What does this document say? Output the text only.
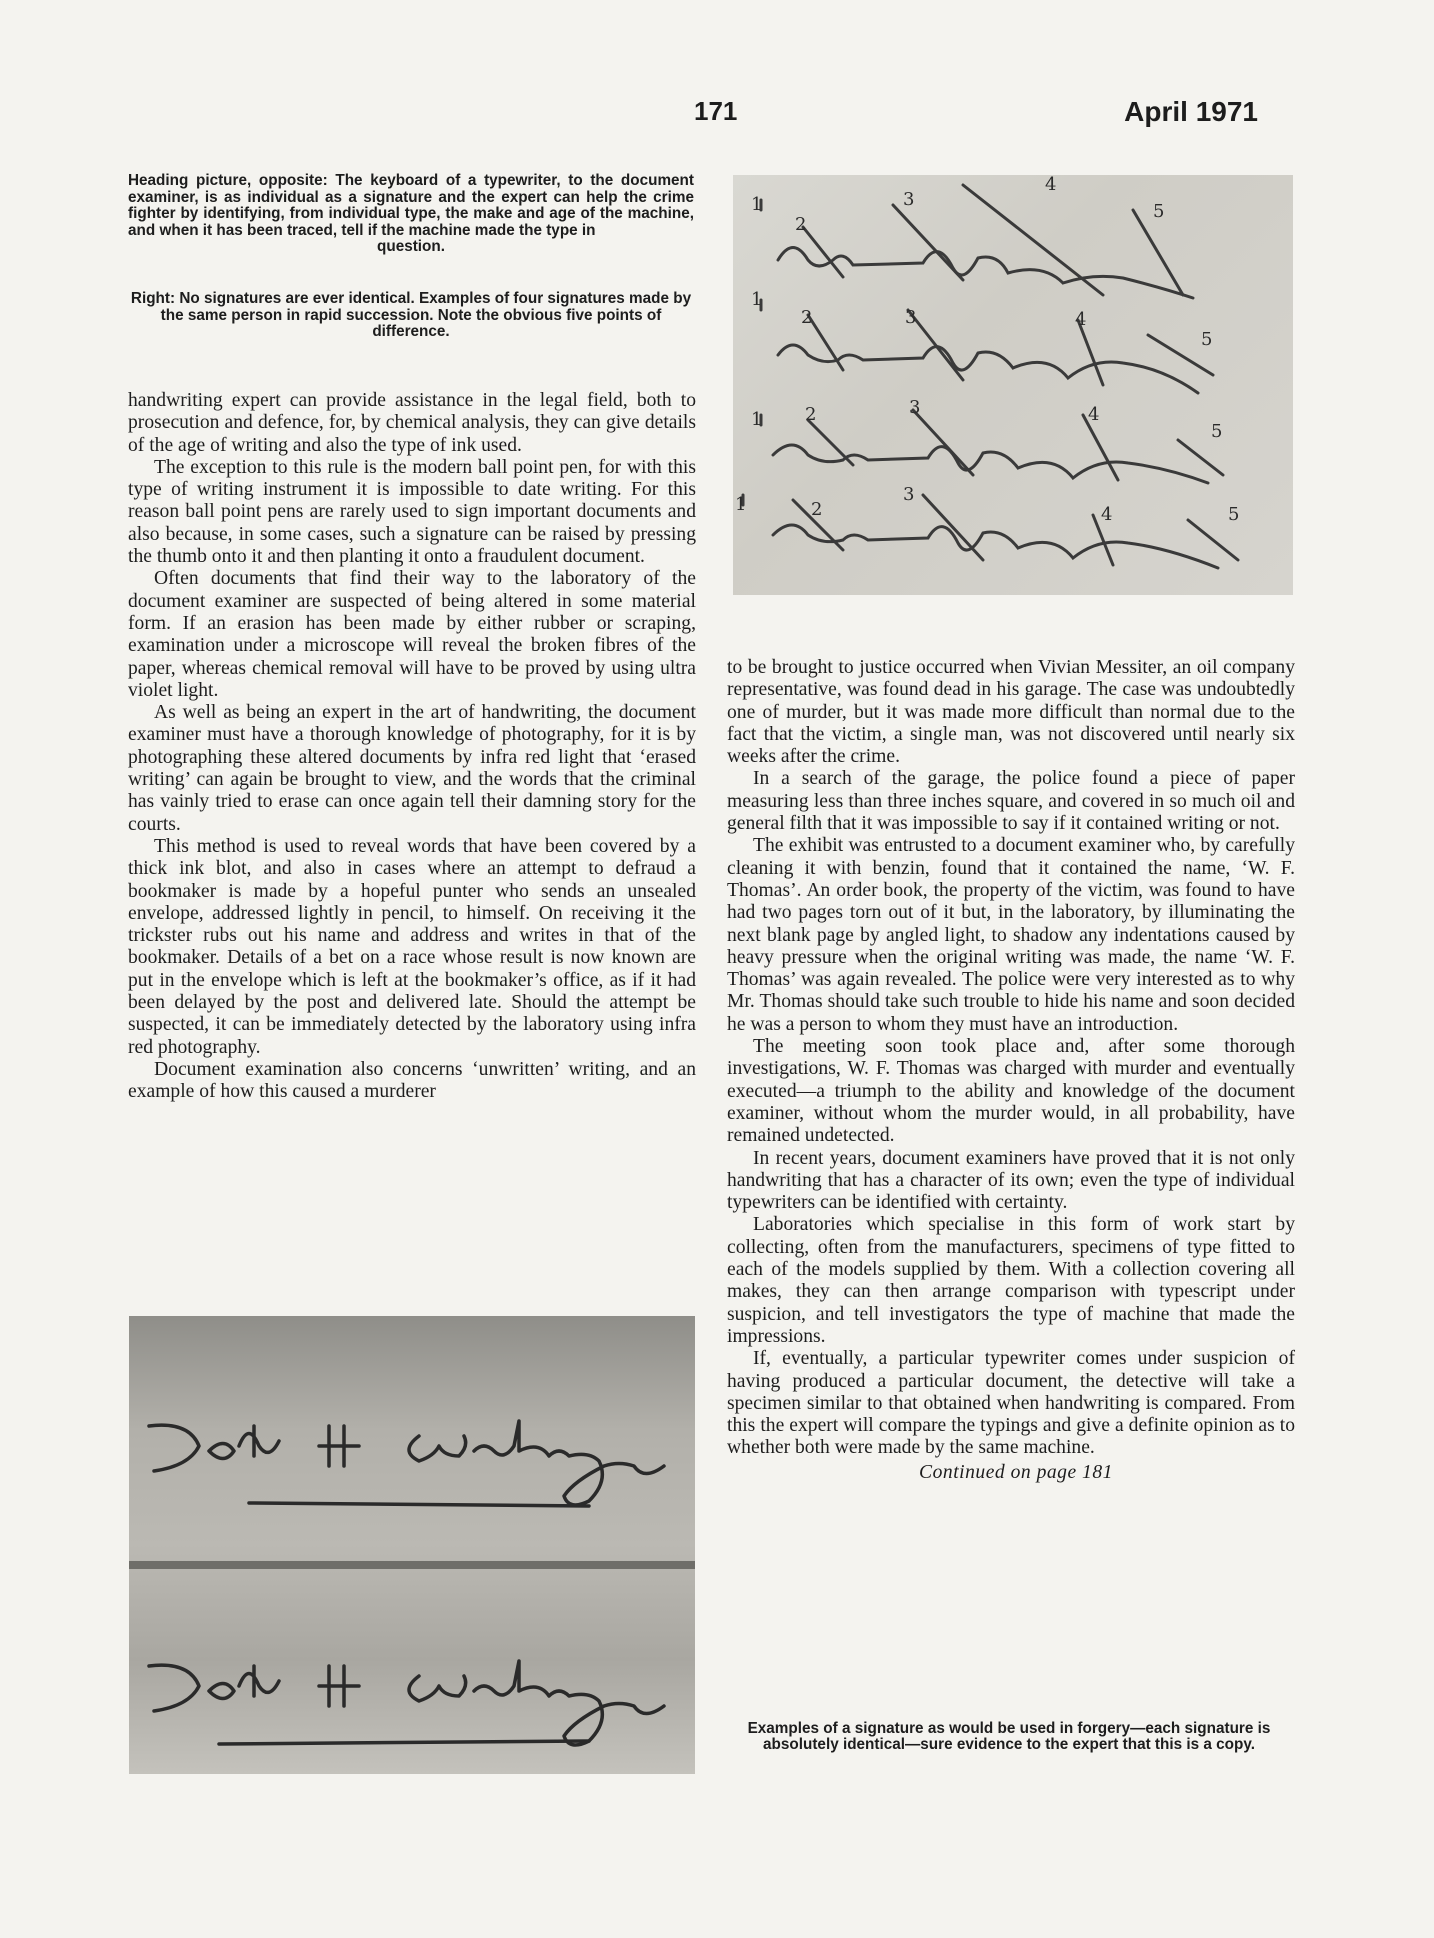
171	April 1971
Heading picture, opposite: The keyboard of a typewriter, to the document examiner, is as individual as a signature and the expert can help the crime fighter by identifying, from individual type, the make and age of the machine, and when it has been traced, tell if the machine made the type in
question.
Right: No signatures are ever identical. Examples of four signatures made by the same person in rapid succession. Note the obvious five points of difference.

handwriting expert can provide assistance in the legal field, both to prosecution and defence, for, by chemical analysis, they can give details of the age of writing and also the type of ink used.

The exception to this rule is the modern ball point pen, for with this type of writing instrument it is impossible to date writing. For this reason ball point pens are rarely used to sign important documents and also because, in some cases, such a signature can be raised by pressing the thumb onto it and then planting it onto a fraudulent document.

Often documents that find their way to the laboratory of the document examiner are suspected of being altered in some material form. If an erasion has been made by either rubber or scraping, examination under a microscope will reveal the broken fibres of the paper, whereas chemical removal will have to be proved by using ultra violet light.

As well as being an expert in the art of handwriting, the document examiner must have a thorough knowledge of photography, for it is by photographing these altered documents by infra red light that ‘erased writing’ can again be brought to view, and the words that the criminal has vainly tried to erase can once again tell their damning story for the courts.

This method is used to reveal words that have been covered by a thick ink blot, and also in cases where an attempt to defraud a bookmaker is made by a hopeful punter who sends an unsealed envelope, addressed lightly in pencil, to himself. On receiving it the trickster rubs out his name and address and writes in that of the bookmaker. Details of a bet on a race whose result is now known are put in the envelope which is left at the bookmaker’s office, as if it had been delayed by the post and delivered late. Should the attempt be suspected, it can be immediately detected by the laboratory using infra red photography.

Document examination also concerns ‘unwritten’ writing, and an example of how this caused a murderer

to be brought to justice occurred when Vivian Messiter, an oil company representative, was found dead in his garage. The case was undoubtedly one of murder, but it was made more difficult than normal due to the fact that the victim, a single man, was not discovered until nearly six weeks after the crime.

In a search of the garage, the police found a piece of paper measuring less than three inches square, and covered in so much oil and general filth that it was impossible to say if it contained writing or not.

The exhibit was entrusted to a document examiner who, by carefully cleaning it with benzin, found that it contained the name, ‘W. F. Thomas’. An order book, the property of the victim, was found to have had two pages torn out of it but, in the laboratory, by illuminating the next blank page by angled light, to shadow any indentations caused by heavy pressure when the original writing was made, the name ‘W. F. Thomas’ was again revealed. The police were very interested as to why Mr. Thomas should take such trouble to hide his name and soon decided he was a person to whom they must have an introduction.

The meeting soon took place and, after some thorough investigations, W. F. Thomas was charged with murder and eventually executed—a triumph to the ability and knowledge of the document examiner, without whom the murder would, in all probability, have remained undetected.

In recent years, document examiners have proved that it is not only handwriting that has a character of its own; even the type of individual typewriters can be identified with certainty.

Laboratories which specialise in this form of work start by collecting, often from the manufacturers, specimens of type fitted to each of the models supplied by them. With a collection covering all makes, they can then arrange comparison with typescript under suspicion, and tell investigators the type of machine that made the impressions.

If, eventually, a particular typewriter comes under suspicion of having produced a particular document, the detective will take a specimen similar to that obtained when handwriting is compared. From this the expert will compare the typings and give a definite opinion as to whether both were made by the same machine.

Continued on page 181
1
2
3
4
5
1
2	3	4
5
1 2	3	4
5
1	2
3
4	5
Examples of a signature as would be used in forgery—each signature is absolutely identical—sure evidence to the expert that this is a copy.
